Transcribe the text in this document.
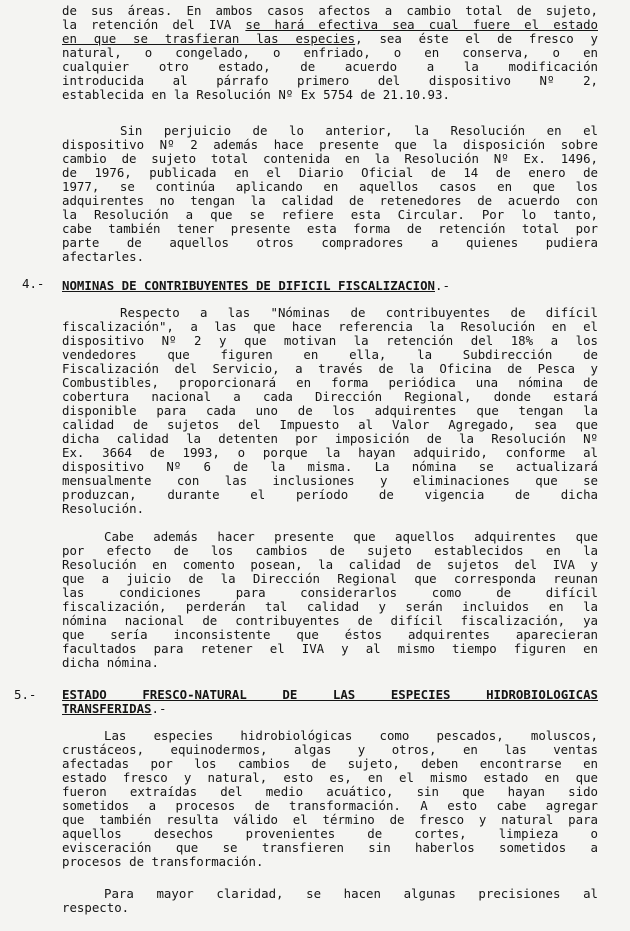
de sus áreas. En ambos casos afectos a cambio total de sujeto,
la retención del IVA se hará efectiva sea cual fuere el estado
en que se trasfieran las especies, sea éste el de fresco y
natural, o congelado, o enfriado, o en conserva, o en
cualquier otro estado, de acuerdo a la modificación
introducida al párrafo primero del dispositivo Nº 2,
establecida en la Resolución Nº Ex 5754 de 21.10.93.
Sin perjuicio de lo anterior, la Resolución en el
dispositivo Nº 2 además hace presente que la disposición sobre
cambio de sujeto total contenida en la Resolución Nº Ex. 1496,
de 1976, publicada en el Diario Oficial de 14 de enero de
1977, se continúa aplicando en aquellos casos en que los
adquirentes no tengan la calidad de retenedores de acuerdo con
la Resolución a que se refiere esta Circular. Por lo tanto,
cabe también tener presente esta forma de retención total por
parte de aquellos otros compradores a quienes pudiera
afectarles.
4.- NOMINAS DE CONTRIBUYENTES DE DIFICIL FISCALIZACION.-
Respecto a las "Nóminas de contribuyentes de difícil
fiscalización", a las que hace referencia la Resolución en el
dispositivo Nº 2 y que motivan la retención del 18% a los
vendedores que figuren en ella, la Subdirección de
Fiscalización del Servicio, a través de la Oficina de Pesca y
Combustibles, proporcionará en forma periódica una nómina de
cobertura nacional a cada Dirección Regional, donde estará
disponible para cada uno de los adquirentes que tengan la
calidad de sujetos del Impuesto al Valor Agregado, sea que
dicha calidad la detenten por imposición de la Resolución Nº
Ex. 3664 de 1993, o porque la hayan adquirido, conforme al
dispositivo Nº 6 de la misma. La nómina se actualizará
mensualmente con las inclusiones y eliminaciones que se
produzcan, durante el período de vigencia de dicha
Resolución.
Cabe además hacer presente que aquellos adquirentes que
por efecto de los cambios de sujeto establecidos en la
Resolución en comento posean, la calidad de sujetos del IVA y
que a juicio de la Dirección Regional que corresponda reunan
las condiciones para considerarlos como de difícil
fiscalización, perderán tal calidad y serán incluidos en la
nómina nacional de contribuyentes de difícil fiscalización, ya
que sería inconsistente que éstos adquirentes aparecieran
facultados para retener el IVA y al mismo tiempo figuren en
dicha nómina.
5.- ESTADO FRESCO-NATURAL DE LAS ESPECIES HIDROBIOLOGICAS
TRANSFERIDAS.-
Las especies hidrobiológicas como pescados, moluscos,
crustáceos, equinodermos, algas y otros, en las ventas
afectadas por los cambios de sujeto, deben encontrarse en
estado fresco y natural, esto es, en el mismo estado en que
fueron extraídas del medio acuático, sin que hayan sido
sometidos a procesos de transformación. A esto cabe agregar
que también resulta válido el término de fresco y natural para
aquellos desechos provenientes de cortes, limpieza o
evisceración que se transfieren sin haberlos sometidos a
procesos de transformación.
Para mayor claridad, se hacen algunas precisiones al
respecto.
